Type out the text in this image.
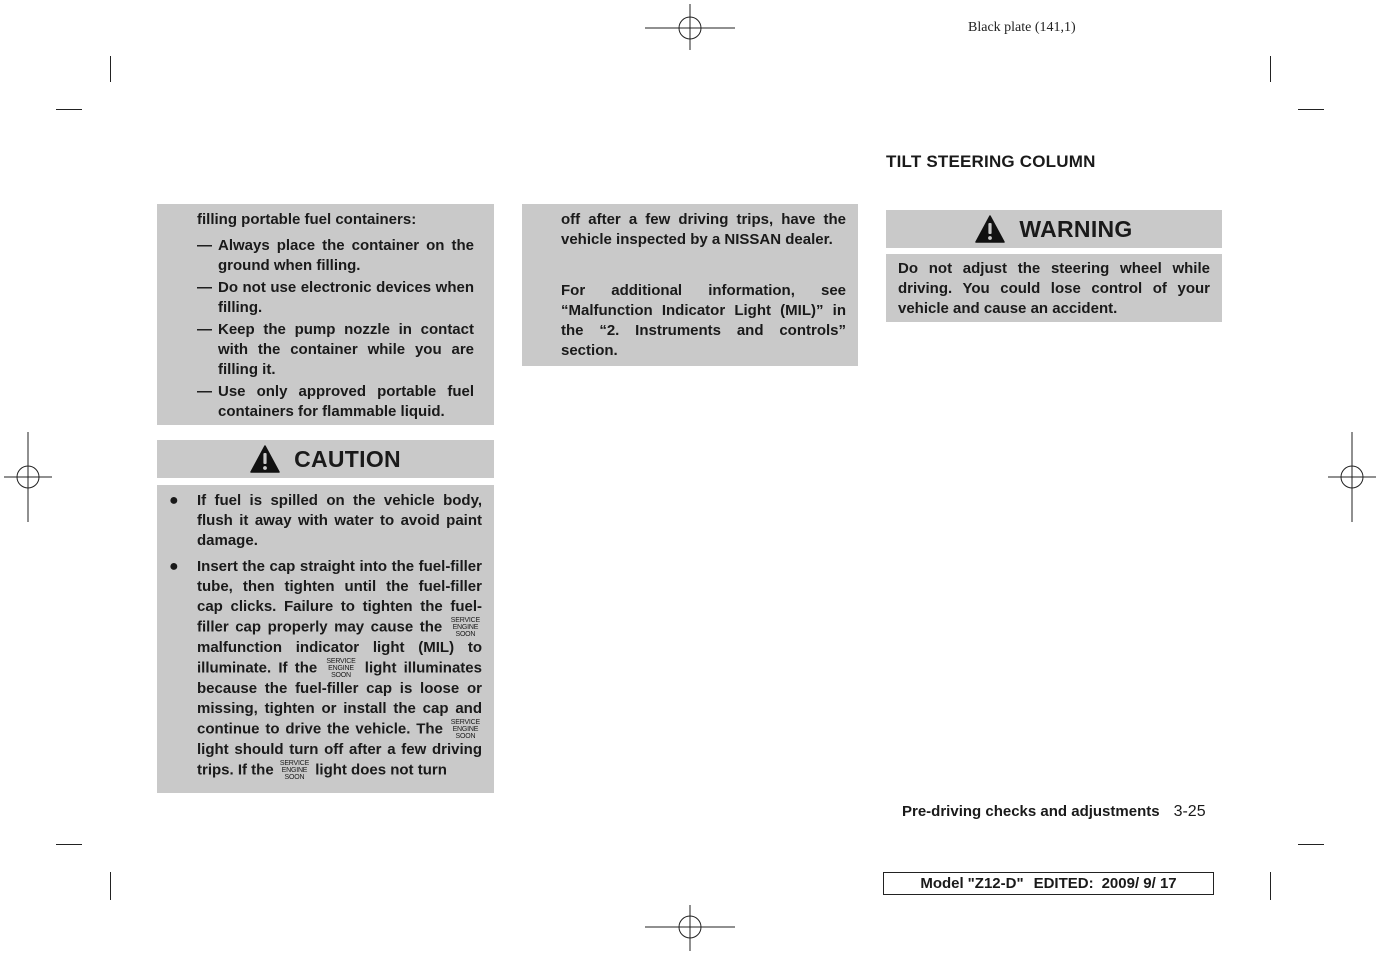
Black plate (141,1)
filling portable fuel containers:
— Always place the container on the ground when filling.
— Do not use electronic devices when filling.
— Keep the pump nozzle in contact with the container while you are filling it.
— Use only approved portable fuel containers for flammable liquid.
CAUTION
● If fuel is spilled on the vehicle body, flush it away with water to avoid paint damage.
● Insert the cap straight into the fuel-filler tube, then tighten until the fuel-filler cap clicks. Failure to tighten the fuel-filler cap properly may cause the SERVICE
ENGINE
SOON
malfunction indicator light (MIL) to illuminate. If the SERVICE
ENGINE
SOON light illuminates because the fuel-filler cap is loose or missing, tighten or install the cap and continue to drive the vehicle. The SERVICE
ENGINE
SOON
light should turn off after a few driving trips. If the SERVICE
ENGINE
SOON light does not turn
off after a few driving trips, have the vehicle inspected by a NISSAN dealer.
For additional information, see “Malfunction Indicator Light (MIL)” in the “2. Instruments and controls” section.
TILT STEERING COLUMN
WARNING
Do not adjust the steering wheel while driving. You could lose control of your vehicle and cause an accident.
Pre-driving checks and adjustments 3-25
Model "Z12-D" EDITED: 2009/ 9/ 17
